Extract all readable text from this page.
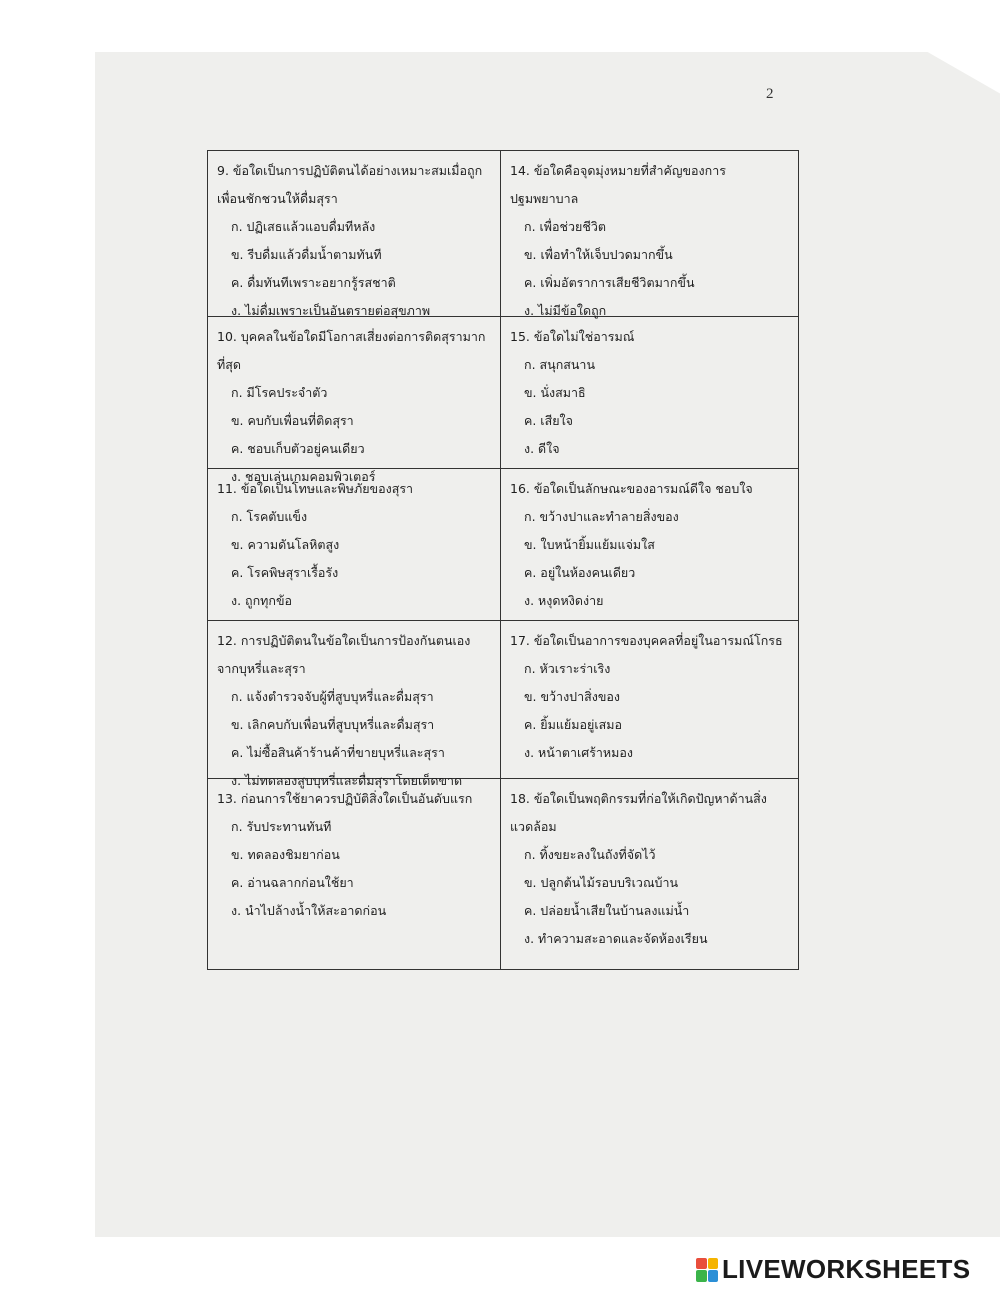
2

9. ข้อใดเป็นการปฏิบัติตนได้อย่างเหมาะสมเมื่อถูกเพื่อนชักชวนให้ดื่มสุรา

ก. ปฏิเสธแล้วแอบดื่มทีหลัง

ข. รีบดื่มแล้วดื่มน้ำตามทันที

ค. ดื่มทันทีเพราะอยากรู้รสชาติ

ง. ไม่ดื่มเพราะเป็นอันตรายต่อสุขภาพ

14. ข้อใดคือจุดมุ่งหมายที่สำคัญของการปฐมพยาบาล

ก. เพื่อช่วยชีวิต

ข. เพื่อทำให้เจ็บปวดมากขึ้น

ค. เพิ่มอัตราการเสียชีวิตมากขึ้น

ง. ไม่มีข้อใดถูก

10. บุคคลในข้อใดมีโอกาสเสี่ยงต่อการติดสุรามากที่สุด

ก. มีโรคประจำตัว

ข. คบกับเพื่อนที่ติดสุรา

ค. ชอบเก็บตัวอยู่คนเดียว

ง. ชอบเล่นเกมคอมพิวเตอร์

15. ข้อใดไม่ใช่อารมณ์

ก. สนุกสนาน

ข. นั่งสมาธิ

ค. เสียใจ

ง. ดีใจ

11. ข้อใดเป็นโทษและพิษภัยของสุรา

ก. โรคตับแข็ง

ข. ความดันโลหิตสูง

ค. โรคพิษสุราเรื้อรัง

ง. ถูกทุกข้อ

16. ข้อใดเป็นลักษณะของอารมณ์ดีใจ ชอบใจ

ก. ขว้างปาและทำลายสิ่งของ

ข. ใบหน้ายิ้มแย้มแจ่มใส

ค. อยู่ในห้องคนเดียว

ง. หงุดหงิดง่าย

12. การปฏิบัติตนในข้อใดเป็นการป้องกันตนเองจากบุหรี่และสุรา

ก. แจ้งตำรวจจับผู้ที่สูบบุหรี่และดื่มสุรา

ข. เลิกคบกับเพื่อนที่สูบบุหรี่และดื่มสุรา

ค. ไม่ซื้อสินค้าร้านค้าที่ขายบุหรี่และสุรา

ง. ไม่ทดลองสูบบุหรี่และดื่มสุราโดยเด็ดขาด

17. ข้อใดเป็นอาการของบุคคลที่อยู่ในอารมณ์โกรธ

ก. หัวเราะร่าเริง

ข. ขว้างปาสิ่งของ

ค. ยิ้มแย้มอยู่เสมอ

ง. หน้าตาเศร้าหมอง

13. ก่อนการใช้ยาควรปฏิบัติสิ่งใดเป็นอันดับแรก

ก. รับประทานทันที

ข. ทดลองชิมยาก่อน

ค. อ่านฉลากก่อนใช้ยา

ง. นำไปล้างน้ำให้สะอาดก่อน

18. ข้อใดเป็นพฤติกรรมที่ก่อให้เกิดปัญหาด้านสิ่งแวดล้อม

ก. ทิ้งขยะลงในถังที่จัดไว้

ข. ปลูกต้นไม้รอบบริเวณบ้าน

ค. ปล่อยน้ำเสียในบ้านลงแม่น้ำ

ง. ทำความสะอาดและจัดห้องเรียน

LIVEWORKSHEETS
